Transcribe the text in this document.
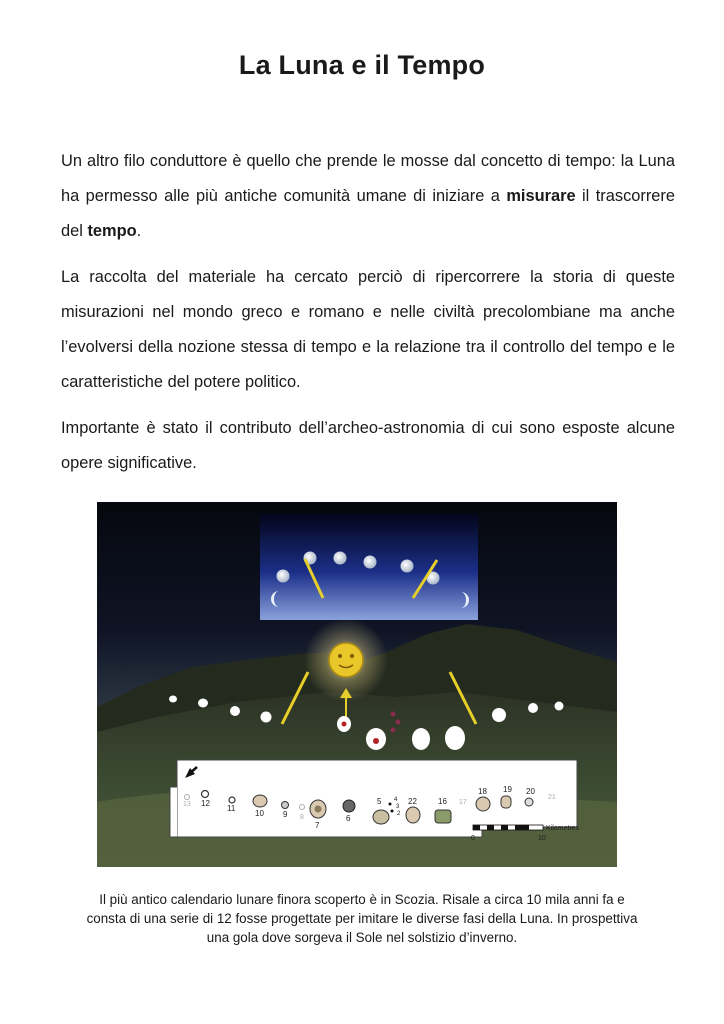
La Luna e il Tempo

Un altro filo conduttore è quello che prende le mosse dal concetto di tempo: la Luna ha permesso alle più antiche comunità umane di iniziare a misurare il trascorrere del tempo.

La raccolta del materiale ha cercato perciò di ripercorrere la storia di queste misurazioni nel mondo greco e romano e nelle civiltà precolombiane ma anche l’evolversi della nozione stessa di tempo e la relazione tra il controllo del tempo e le caratteristiche del potere politico.

Importante è stato il contributo dell’archeo-astronomia di cui sono esposte alcune opere significative.

13 12
11
10 9 8
7
6
5 4
3
2
22	16 17
18 19 20
21
Kilometres
0	10
Il più antico calendario lunare finora scoperto è in Scozia. Risale a circa 10 mila anni fa e consta di una serie di 12 fosse progettate per imitare le diverse fasi della Luna. In prospettiva una gola dove sorgeva il Sole nel solstizio d’inverno.
